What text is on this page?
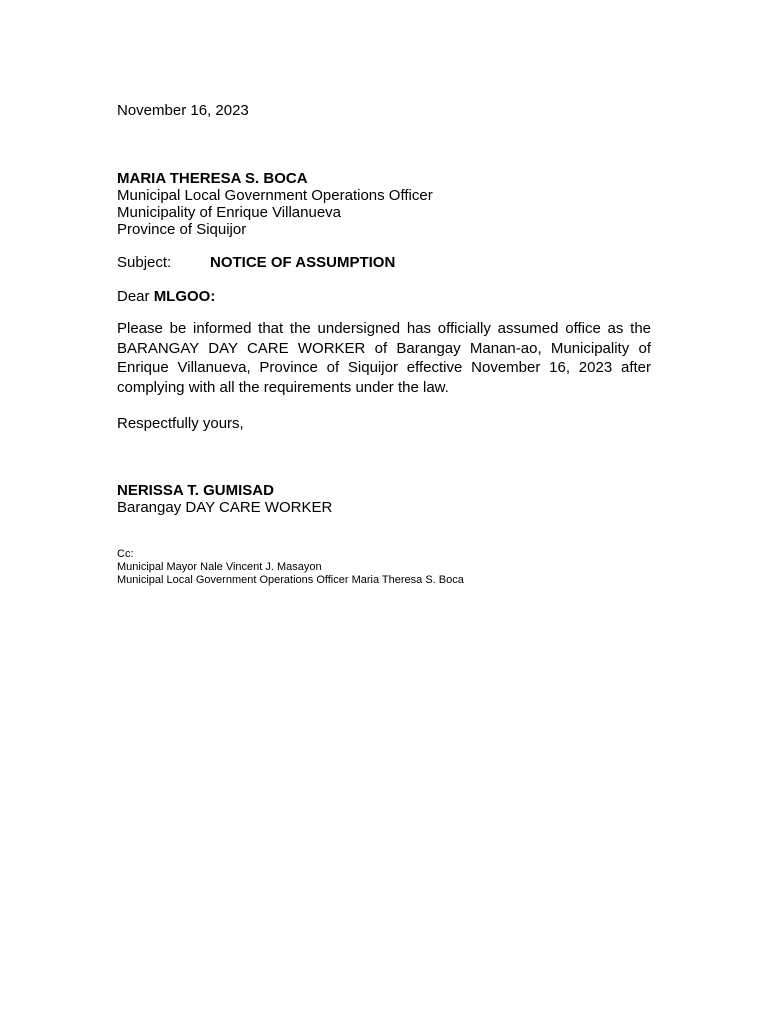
November 16, 2023
MARIA THERESA S. BOCA
Municipal Local Government Operations Officer
Municipality of Enrique Villanueva
Province of Siquijor
Subject:	NOTICE OF ASSUMPTION
Dear MLGOO:
Please be informed that the undersigned has officially assumed office as the BARANGAY DAY CARE WORKER of Barangay Manan-ao, Municipality of Enrique Villanueva, Province of Siquijor effective November 16, 2023 after complying with all the requirements under the law.
Respectfully yours,
NERISSA T. GUMISAD
Barangay DAY CARE WORKER
Cc:
Municipal Mayor Nale Vincent J. Masayon
Municipal Local Government Operations Officer Maria Theresa S. Boca
